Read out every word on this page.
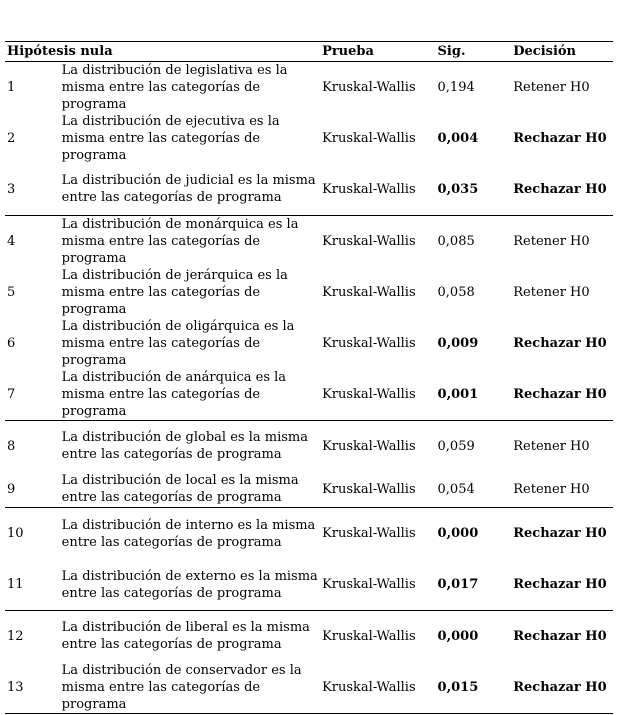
Hipótesis nula		Prueba	Sig.	Decisión
1	La distribución de legislativa es la misma entre las categorías de programa	Kruskal-Wallis	0,194	Retener H0
2	La distribución de ejecutiva es la misma entre las categorías de programa	Kruskal-Wallis	0,004	Rechazar H0
3	La distribución de judicial es la misma entre las categorías de programa	Kruskal-Wallis	0,035	Rechazar H0
4	La distribución de monárquica es la misma entre las categorías de programa	Kruskal-Wallis	0,085	Retener H0
5	La distribución de jerárquica es la misma entre las categorías de programa	Kruskal-Wallis	0,058	Retener H0
6	La distribución de oligárquica es la misma entre las categorías de programa	Kruskal-Wallis	0,009	Rechazar H0
7	La distribución de anárquica es la misma entre las categorías de programa	Kruskal-Wallis	0,001	Rechazar H0
8	La distribución de global es la misma entre las categorías de programa	Kruskal-Wallis	0,059	Retener H0
9	La distribución de local es la misma entre las categorías de programa	Kruskal-Wallis	0,054	Retener H0
10	La distribución de interno es la misma entre las categorías de programa	Kruskal-Wallis	0,000	Rechazar H0
11	La distribución de externo es la misma entre las categorías de programa	Kruskal-Wallis	0,017	Rechazar H0
12	La distribución de liberal es la misma entre las categorías de programa	Kruskal-Wallis	0,000	Rechazar H0
13	La distribución de conservador es la misma entre las categorías de programa	Kruskal-Wallis	0,015	Rechazar H0
